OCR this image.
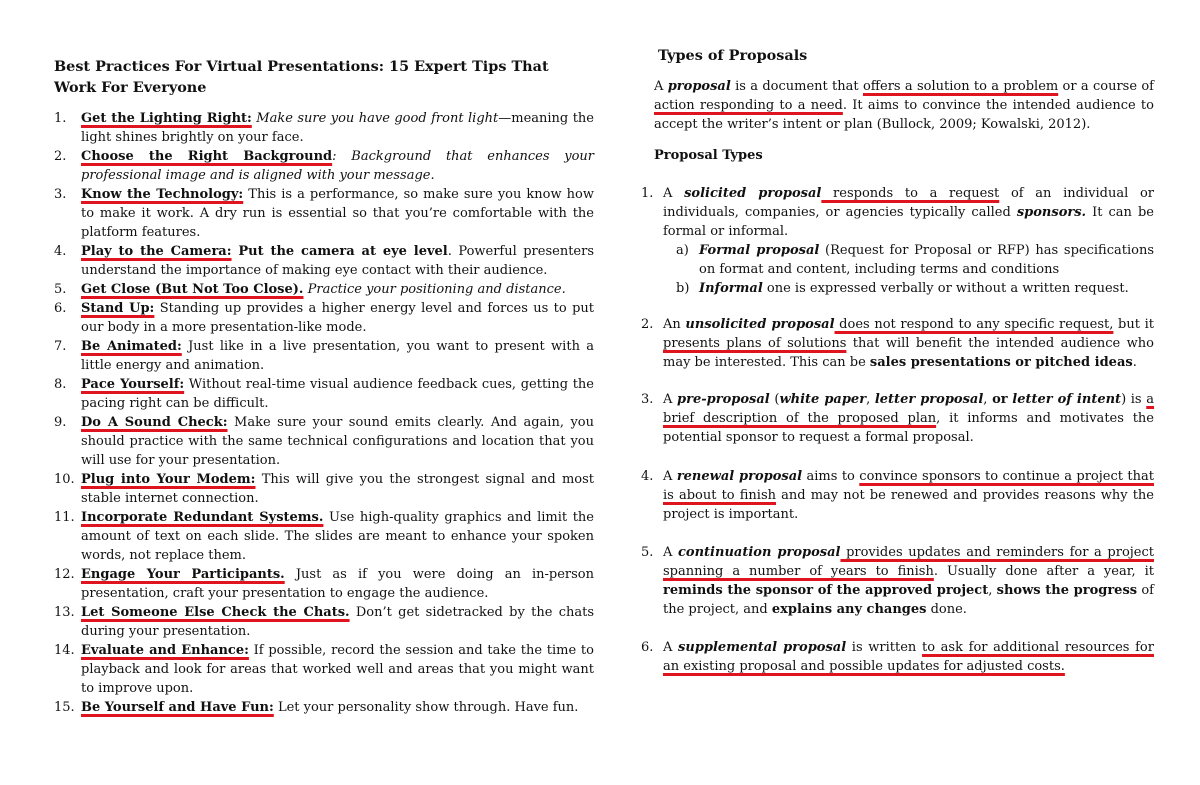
Best Practices For Virtual Presentations: 15 Expert Tips That Work For Everyone
1. Get the Lighting Right: Make sure you have good front light—meaning the light shines brightly on your face.
2. Choose the Right Background: Background that enhances your professional image and is aligned with your message.
3. Know the Technology: This is a performance, so make sure you know how to make it work. A dry run is essential so that you’re comfortable with the platform features.
4. Play to the Camera: Put the camera at eye level. Powerful presenters understand the importance of making eye contact with their audience.
5. Get Close (But Not Too Close). Practice your positioning and distance.
6. Stand Up: Standing up provides a higher energy level and forces us to put our body in a more presentation-like mode.
7. Be Animated: Just like in a live presentation, you want to present with a little energy and animation.
8. Pace Yourself: Without real-time visual audience feedback cues, getting the pacing right can be difficult.
9. Do A Sound Check: Make sure your sound emits clearly. And again, you should practice with the same technical configurations and location that you will use for your presentation.
10. Plug into Your Modem: This will give you the strongest signal and most stable internet connection.
11. Incorporate Redundant Systems. Use high-quality graphics and limit the amount of text on each slide. The slides are meant to enhance your spoken words, not replace them.
12. Engage Your Participants. Just as if you were doing an in-person presentation, craft your presentation to engage the audience.
13. Let Someone Else Check the Chats. Don’t get sidetracked by the chats during your presentation.
14. Evaluate and Enhance: If possible, record the session and take the time to playback and look for areas that worked well and areas that you might want to improve upon.
15. Be Yourself and Have Fun: Let your personality show through. Have fun.
Types of Proposals

A proposal is a document that offers a solution to a problem or a course of action responding to a need. It aims to convince the intended audience to accept the writer’s intent or plan (Bullock, 2009; Kowalski, 2012).

Proposal Types
1. A solicited proposal responds to a request of an individual or individuals, companies, or agencies typically called sponsors. It can be formal or informal.
a) Formal proposal (Request for Proposal or RFP) has specifications on format and content, including terms and conditions
b) Informal one is expressed verbally or without a written request.
2. An unsolicited proposal does not respond to any specific request, but it presents plans of solutions that will benefit the intended audience who may be interested. This can be sales presentations or pitched ideas.
3. A pre-proposal (white paper, letter proposal, or letter of intent) is a brief description of the proposed plan, it informs and motivates the potential sponsor to request a formal proposal.
4. A renewal proposal aims to convince sponsors to continue a project that is about to finish and may not be renewed and provides reasons why the project is important.
5. A continuation proposal provides updates and reminders for a project spanning a number of years to finish. Usually done after a year, it reminds the sponsor of the approved project, shows the progress of the project, and explains any changes done.
6. A supplemental proposal is written to ask for additional resources for an existing proposal and possible updates for adjusted costs.
